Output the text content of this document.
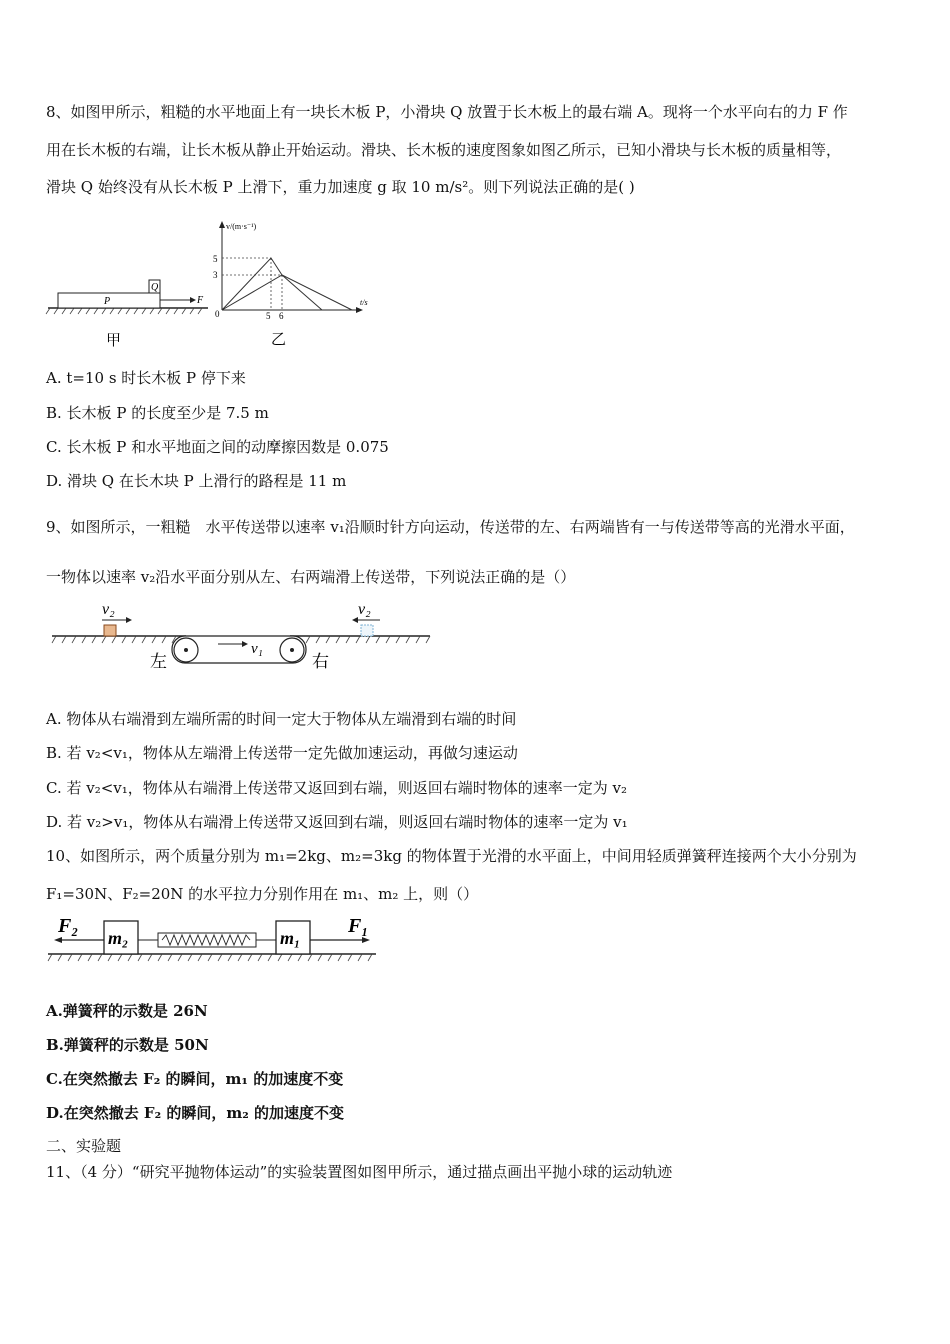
8、如图甲所示，粗糙的水平地面上有一块长木板 P，小滑块 Q 放置于长木板上的最右端 A。现将一个水平向右的力 F 作
用在长木板的右端，让长木板从静止开始运动。滑块、长木板的速度图象如图乙所示，已知小滑块与长木板的质量相等，
滑块 Q 始终没有从长木板 P 上滑下，重力加速度 g 取 10 m/s²。则下列说法正确的是( )
P
Q
F
甲
v/(m·s⁻¹)
t/s
5
3
0	5 6
乙
A. t=10 s 时长木板 P 停下来
B. 长木板 P 的长度至少是 7.5 m
C. 长木板 P 和水平地面之间的动摩擦因数是 0.075
D. 滑块 Q 在长木块 P 上滑行的路程是 11 m
9、如图所示，一粗糙　水平传送带以速率 v₁沿顺时针方向运动，传送带的左、右两端皆有一与传送带等高的光滑水平面，
一物体以速率 v₂沿水平面分别从左、右两端滑上传送带，下列说法正确的是（）
v₂	v₂
v₁
左	右
A. 物体从右端滑到左端所需的时间一定大于物体从左端滑到右端的时间
B. 若 v₂<v₁，物体从左端滑上传送带一定先做加速运动，再做匀速运动
C. 若 v₂<v₁，物体从右端滑上传送带又返回到右端，则返回右端时物体的速率一定为 v₂
D. 若 v₂>v₁，物体从右端滑上传送带又返回到右端，则返回右端时物体的速率一定为 v₁
10、如图所示，两个质量分别为 m₁=2kg、m₂=3kg 的物体置于光滑的水平面上，中间用轻质弹簧秤连接两个大小分别为
F₁=30N、F₂=20N 的水平拉力分别作用在 m₁、m₂ 上，则（）
F₂
m₂	m₁
F₁
A.弹簧秤的示数是 26N
B.弹簧秤的示数是 50N
C.在突然撤去 F₂ 的瞬间，m₁ 的加速度不变
D.在突然撤去 F₂ 的瞬间，m₂ 的加速度不变
二、实验题
11、（4 分）“研究平抛物体运动”的实验装置图如图甲所示，通过描点画出平抛小球的运动轨迹
